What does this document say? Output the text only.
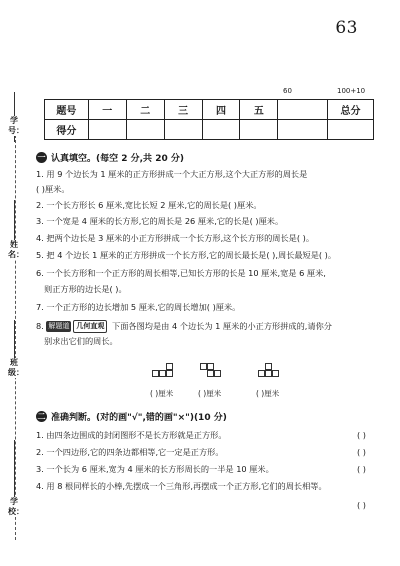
63
学号：
姓名：
班级：
学校：
60	100+10
题号	一	二	三	四	五		总分
得分							
一 认真填空。(每空 2 分,共 20 分)
1. 用 9 个边长为 1 厘米的正方形拼成一个大正方形,这个大正方形的周长是
( )厘米。
2. 一个长方形长 6 厘米,宽比长短 2 厘米,它的周长是( )厘米。
3. 一个宽是 4 厘米的长方形,它的周长是 26 厘米,它的长是( )厘米。
4. 把两个边长是 3 厘米的小正方形拼成一个长方形,这个长方形的周长是( )。
5. 把 4 个边长 1 厘米的正方形拼成一个长方形,它的周长最长是( ),周长最短是( )。
6. 一个长方形和一个正方形的周长相等,已知长方形的长是 10 厘米,宽是 6 厘米,
则正方形的边长是( )。
7. 一个正方形的边长增加 5 厘米,它的周长增加( )厘米。
8. 解题道 几何直观 下面各图均是由 4 个边长为 1 厘米的小正方形拼成的,请你分
别求出它们的周长。
( )厘米	( )厘米	( )厘米
二 准确判断。(对的画"√",错的画"×")(10 分)
1. 由四条边围成的封闭图形不是长方形就是正方形。	( )
2. 一个四边形,它的四条边都相等,它一定是正方形。	( )
3. 一个长为 6 厘米,宽为 4 厘米的长方形周长的一半是 10 厘米。	( )
4. 用 8 根同样长的小棒,先摆成一个三角形,再摆成一个正方形,它们的周长相等。
( )
